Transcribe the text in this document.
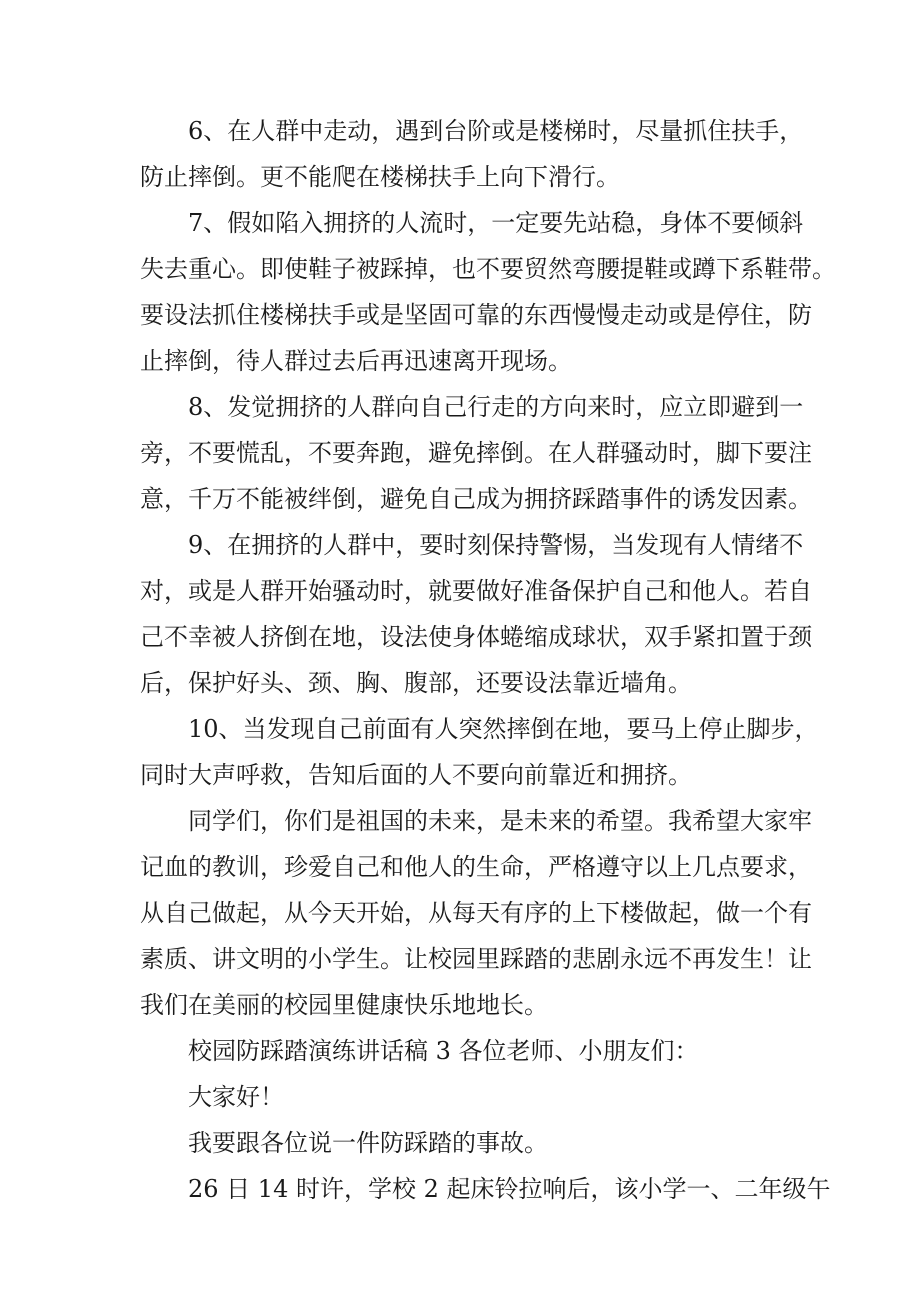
6、在人群中走动，遇到台阶或是楼梯时，尽量抓住扶手，
防止摔倒。更不能爬在楼梯扶手上向下滑行。
7、假如陷入拥挤的人流时，一定要先站稳，身体不要倾斜
失去重心。即使鞋子被踩掉，也不要贸然弯腰提鞋或蹲下系鞋带。
要设法抓住楼梯扶手或是坚固可靠的东西慢慢走动或是停住，防
止摔倒，待人群过去后再迅速离开现场。
8、发觉拥挤的人群向自己行走的方向来时，应立即避到一
旁，不要慌乱，不要奔跑，避免摔倒。在人群骚动时，脚下要注
意，千万不能被绊倒，避免自己成为拥挤踩踏事件的诱发因素。
9、在拥挤的人群中，要时刻保持警惕，当发现有人情绪不
对，或是人群开始骚动时，就要做好准备保护自己和他人。若自
己不幸被人挤倒在地，设法使身体蜷缩成球状，双手紧扣置于颈
后，保护好头、颈、胸、腹部，还要设法靠近墙角。
10、当发现自己前面有人突然摔倒在地，要马上停止脚步，
同时大声呼救，告知后面的人不要向前靠近和拥挤。
同学们，你们是祖国的未来，是未来的希望。我希望大家牢
记血的教训，珍爱自己和他人的生命，严格遵守以上几点要求，
从自己做起，从今天开始，从每天有序的上下楼做起，做一个有
素质、讲文明的小学生。让校园里踩踏的悲剧永远不再发生！让
我们在美丽的校园里健康快乐地地长。
校园防踩踏演练讲话稿 3 各位老师、小朋友们：
大家好！
我要跟各位说一件防踩踏的事故。
26 日 14 时许，学校 2 起床铃拉响后，该小学一、二年级午
